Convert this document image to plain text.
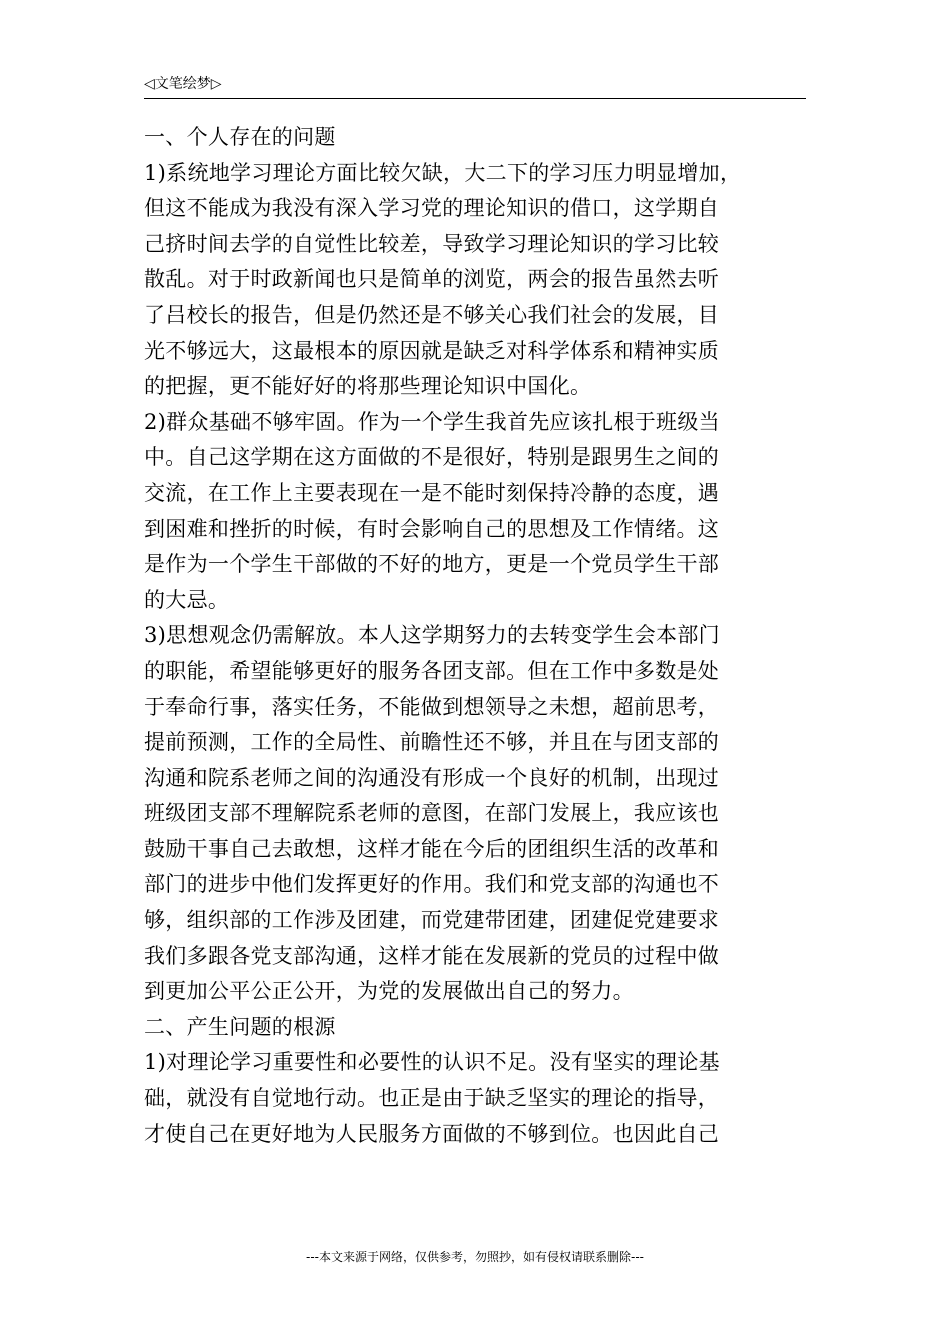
◁文笔绘梦▷
一、个人存在的问题
1)系统地学习理论方面比较欠缺，大二下的学习压力明显增加，
但这不能成为我没有深入学习党的理论知识的借口，这学期自
己挤时间去学的自觉性比较差，导致学习理论知识的学习比较
散乱。对于时政新闻也只是简单的浏览，两会的报告虽然去听
了吕校长的报告，但是仍然还是不够关心我们社会的发展，目
光不够远大，这最根本的原因就是缺乏对科学体系和精神实质
的把握，更不能好好的将那些理论知识中国化。
2)群众基础不够牢固。作为一个学生我首先应该扎根于班级当
中。自己这学期在这方面做的不是很好，特别是跟男生之间的
交流，在工作上主要表现在一是不能时刻保持冷静的态度，遇
到困难和挫折的时候，有时会影响自己的思想及工作情绪。这
是作为一个学生干部做的不好的地方，更是一个党员学生干部
的大忌。
3)思想观念仍需解放。本人这学期努力的去转变学生会本部门
的职能，希望能够更好的服务各团支部。但在工作中多数是处
于奉命行事，落实任务，不能做到想领导之未想，超前思考，
提前预测，工作的全局性、前瞻性还不够，并且在与团支部的
沟通和院系老师之间的沟通没有形成一个良好的机制，出现过
班级团支部不理解院系老师的意图，在部门发展上，我应该也
鼓励干事自己去敢想，这样才能在今后的团组织生活的改革和
部门的进步中他们发挥更好的作用。我们和党支部的沟通也不
够，组织部的工作涉及团建，而党建带团建，团建促党建要求
我们多跟各党支部沟通，这样才能在发展新的党员的过程中做
到更加公平公正公开，为党的发展做出自己的努力。
二、产生问题的根源
1)对理论学习重要性和必要性的认识不足。没有坚实的理论基
础，就没有自觉地行动。也正是由于缺乏坚实的理论的指导，
才使自己在更好地为人民服务方面做的不够到位。也因此自己
---本文来源于网络，仅供参考，勿照抄，如有侵权请联系删除---
